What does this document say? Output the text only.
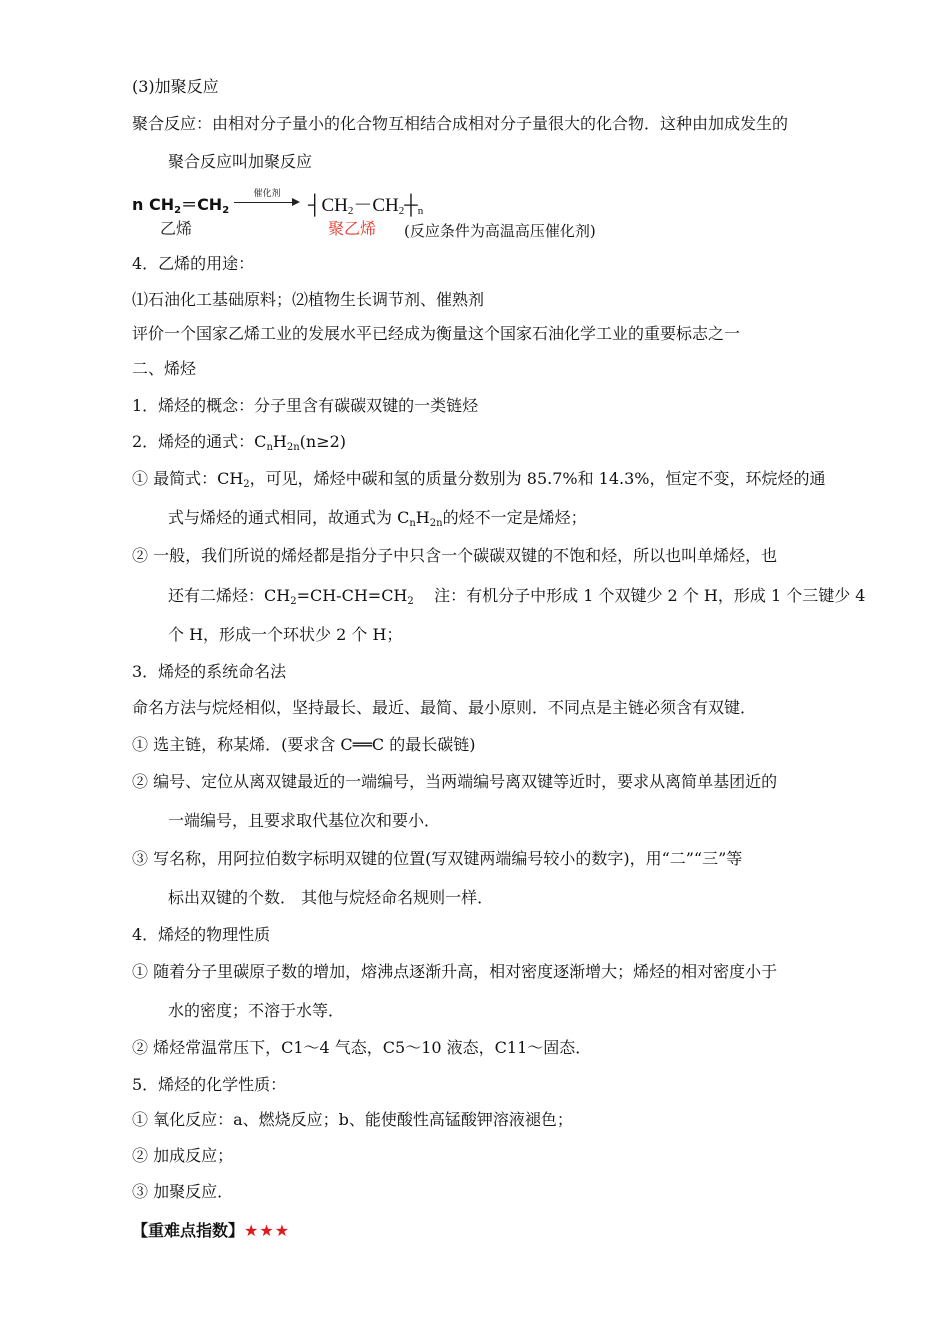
(3)加聚反应
聚合反应：由相对分子量小的化合物互相结合成相对分子量很大的化合物．这种由加成发生的
聚合反应叫加聚反应
n $CH_2=CH_2$
乙烯
催化剂
$┤CH_2-CH_2┼_n$
聚乙烯 (反应条件为高温高压催化剂)
4．乙烯的用途：
⑴石油化工基础原料；⑵植物生长调节剂、催熟剂
评价一个国家乙烯工业的发展水平已经成为衡量这个国家石油化学工业的重要标志之一
二、烯烃
1．烯烃的概念：分子里含有碳碳双键的一类链烃
2．烯烃的通式：$C_nH_{2n}(n\ge 2)$
① 最简式：$CH_2$，可见，烯烃中碳和氢的质量分数别为 85.7%和 14.3%，恒定不变，环烷烃的通
式与烯烃的通式相同，故通式为 $C_nH_{2n}$的烃不一定是烯烃；
② 一般，我们所说的烯烃都是指分子中只含一个碳碳双键的不饱和烃，所以也叫单烯烃，也
还有二烯烃：$CH_2=CH-CH=CH_2$    注：有机分子中形成 1 个双键少 2 个 H，形成 1 个三键少 4
个 H，形成一个环状少 2 个 H；
3．烯烃的系统命名法
命名方法与烷烃相似，坚持最长、最近、最简、最小原则．不同点是主链必须含有双键．
① 选主链，称某烯．(要求含 C══C 的最长碳链)
② 编号、定位从离双键最近的一端编号，当两端编号离双键等近时，要求从离简单基团近的
一端编号，且要求取代基位次和要小．
③ 写名称，用阿拉伯数字标明双键的位置(写双键两端编号较小的数字)，用“二”“三”等
标出双键的个数． 其他与烷烃命名规则一样．
4．烯烃的物理性质
① 随着分子里碳原子数的增加，熔沸点逐渐升高，相对密度逐渐增大；烯烃的相对密度小于
水的密度；不溶于水等．
② 烯烃常温常压下，C1～4 气态，C5～10 液态，C11～固态．
5．烯烃的化学性质：
① 氧化反应：a、燃烧反应；b、能使酸性高锰酸钾溶液褪色；
② 加成反应；
③ 加聚反应．
【重难点指数】★★★
